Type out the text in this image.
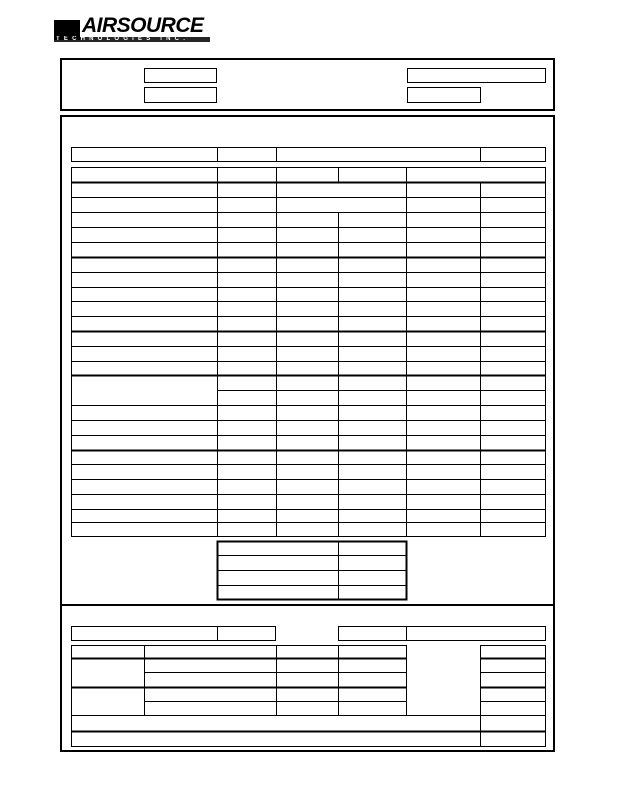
AIRSOURCE
TECHNOLOGIES INC.
